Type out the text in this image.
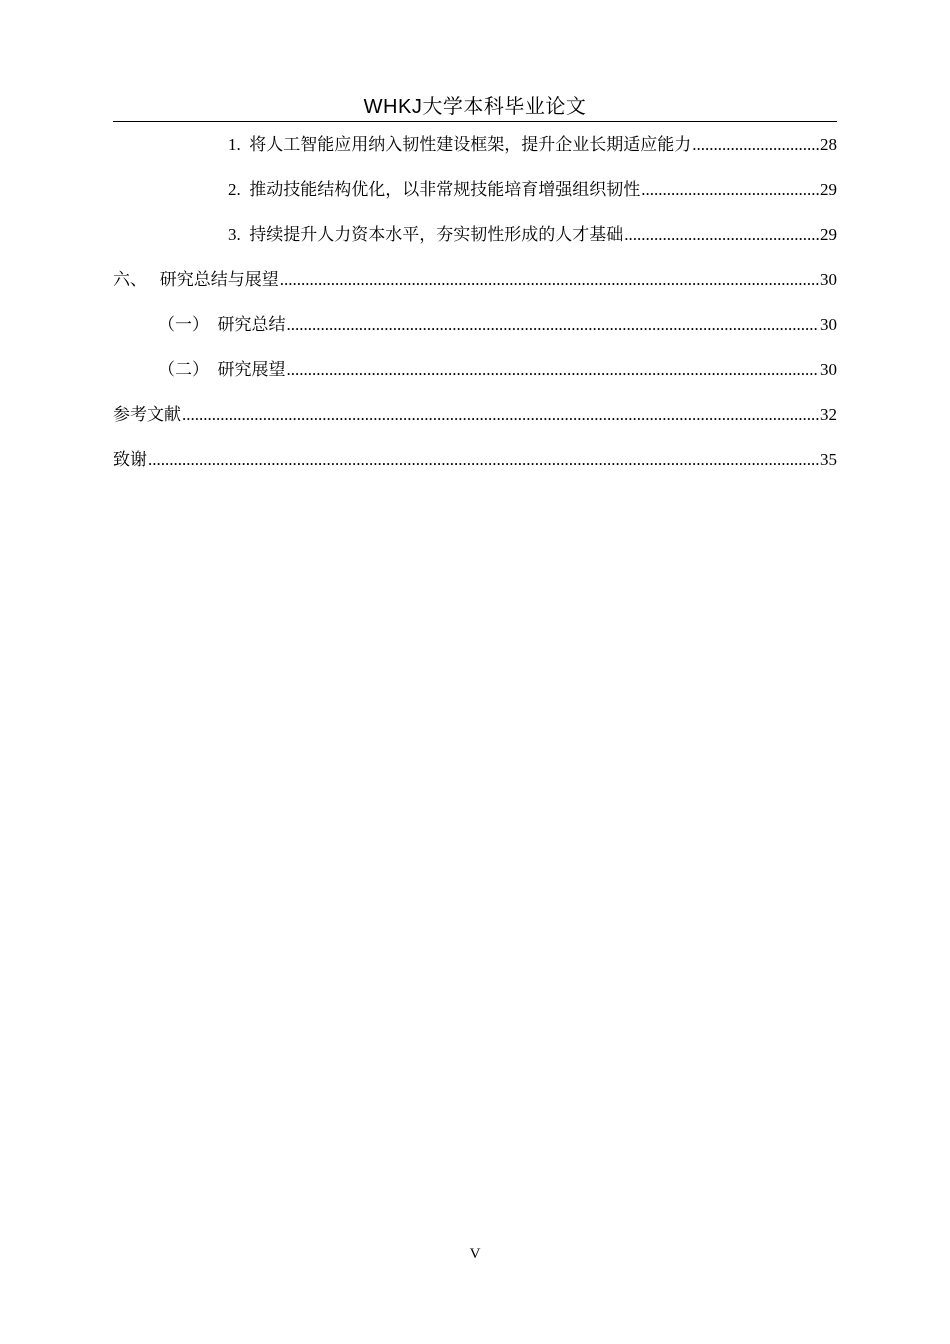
WHKJ大学本科毕业论文
1. 将人工智能应用纳入韧性建设框架，提升企业长期适应能力 .....	28
2. 推动技能结构优化，以非常规技能培育增强组织韧性 .....	29
3. 持续提升人力资本水平，夯实韧性形成的人才基础 .....	29
六、 研究总结与展望 .....	30
（一） 研究总结 .....	30
（二） 研究展望 .....	30
参考文献 .....	32
致谢 .....	35
V
